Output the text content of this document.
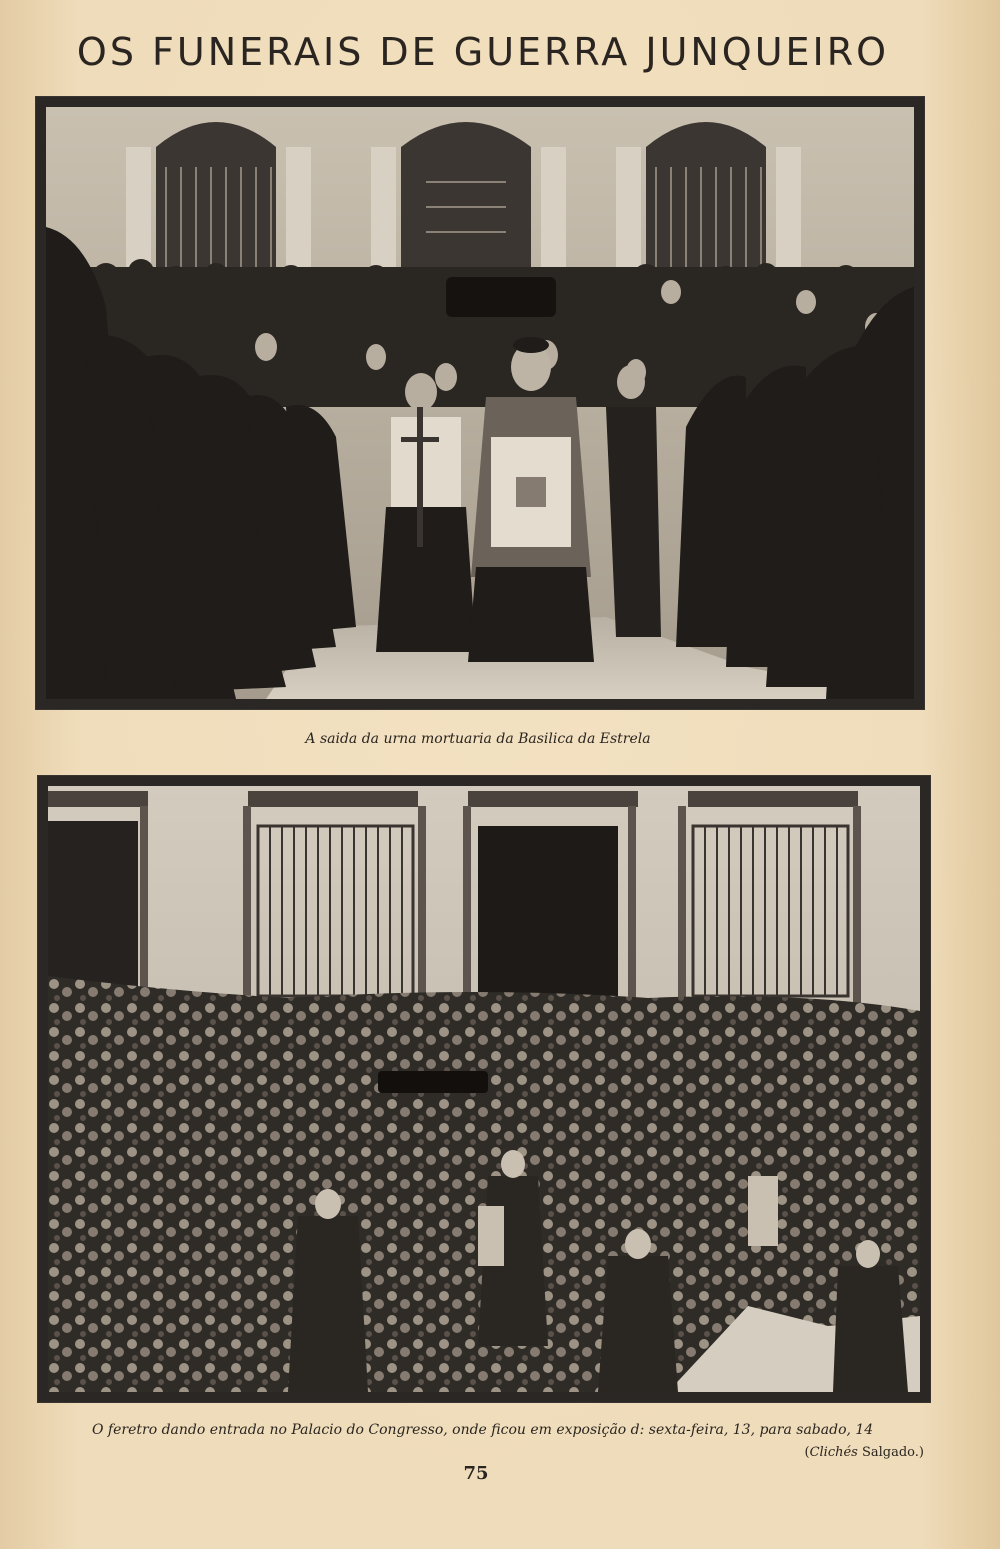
OS FUNERAIS DE GUERRA JUNQUEIRO
A saida da urna mortuaria da Basilica da Estrela
O feretro dando entrada no Palacio do Congresso, onde ficou em exposição d: sexta-feira, 13, para sabado, 14
(Clichés Salgado.)
75
